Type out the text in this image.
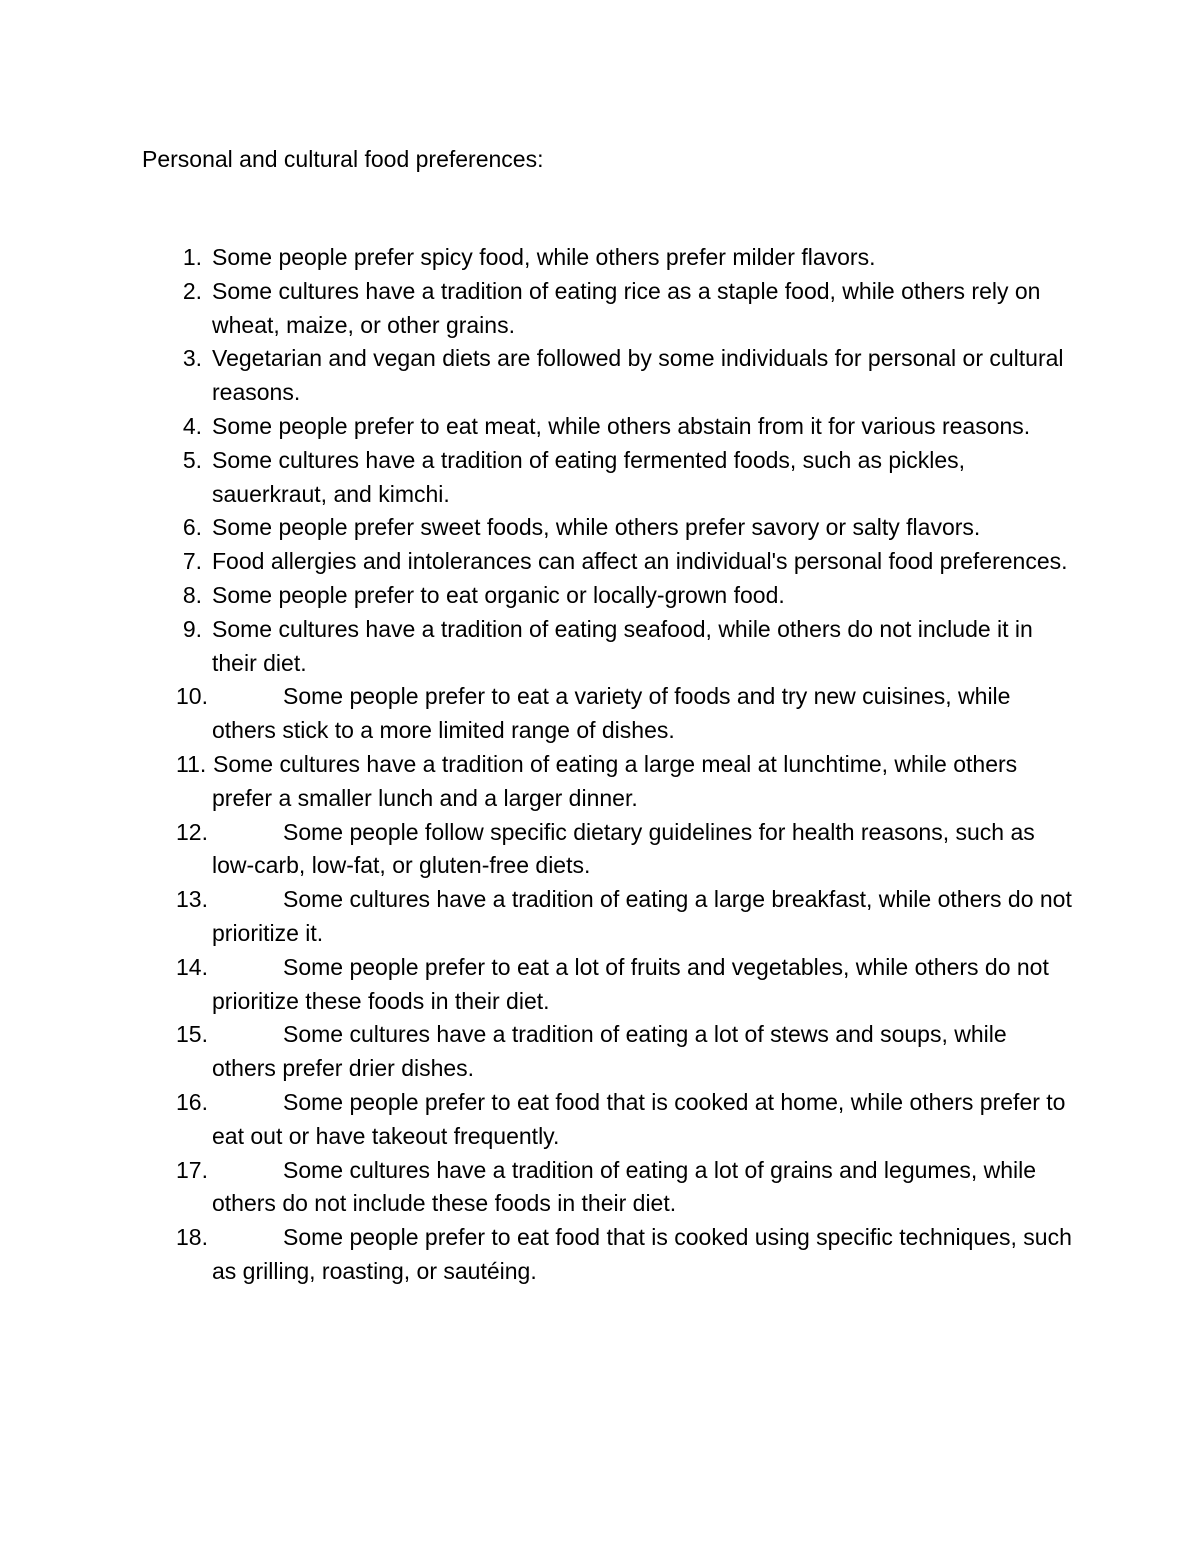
Personal and cultural food preferences:
1. Some people prefer spicy food, while others prefer milder flavors.
2. Some cultures have a tradition of eating rice as a staple food, while others rely on wheat, maize, or other grains.
3. Vegetarian and vegan diets are followed by some individuals for personal or cultural reasons.
4. Some people prefer to eat meat, while others abstain from it for various reasons.
5. Some cultures have a tradition of eating fermented foods, such as pickles, sauerkraut, and kimchi.
6. Some people prefer sweet foods, while others prefer savory or salty flavors.
7. Food allergies and intolerances can affect an individual's personal food preferences.
8. Some people prefer to eat organic or locally-grown food.
9. Some cultures have a tradition of eating seafood, while others do not include it in their diet.
10.	Some people prefer to eat a variety of foods and try new cuisines, while others stick to a more limited range of dishes.
11. Some cultures have a tradition of eating a large meal at lunchtime, while others prefer a smaller lunch and a larger dinner.
12.	Some people follow specific dietary guidelines for health reasons, such as low-carb, low-fat, or gluten-free diets.
13.	Some cultures have a tradition of eating a large breakfast, while others do not prioritize it.
14.	Some people prefer to eat a lot of fruits and vegetables, while others do not prioritize these foods in their diet.
15.	Some cultures have a tradition of eating a lot of stews and soups, while others prefer drier dishes.
16.	Some people prefer to eat food that is cooked at home, while others prefer to eat out or have takeout frequently.
17.	Some cultures have a tradition of eating a lot of grains and legumes, while others do not include these foods in their diet.
18.	Some people prefer to eat food that is cooked using specific techniques, such as grilling, roasting, or sautéing.
